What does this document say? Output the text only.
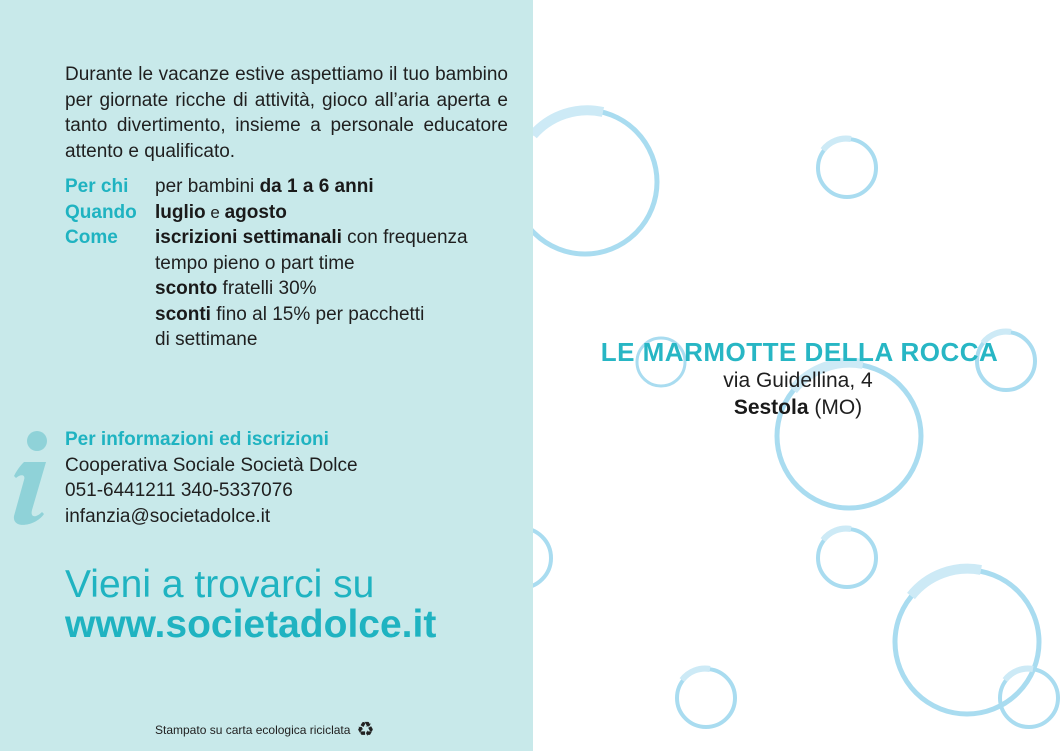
Durante le vacanze estive aspettiamo il tuo bambino per giornate ricche di attività, gioco all’aria aperta e tanto divertimento, insieme a personale educatore attento e qualificato.
Per chi	per bambini da 1 a 6 anni
Quando luglio e agosto
Come	iscrizioni settimanali con frequenza
tempo pieno o part time
sconto fratelli 30%
sconti fino al 15% per pacchetti
di settimane
Per informazioni ed iscrizioni
Cooperativa Sociale Società Dolce
051-6441211 340-5337076
infanzia@societadolce.it
Vieni a trovarci su
www.societadolce.it
Stampato su carta ecologica riciclata ♻
LE MARMOTTE DELLA ROCCA
via Guidellina, 4
Sestola (MO)
